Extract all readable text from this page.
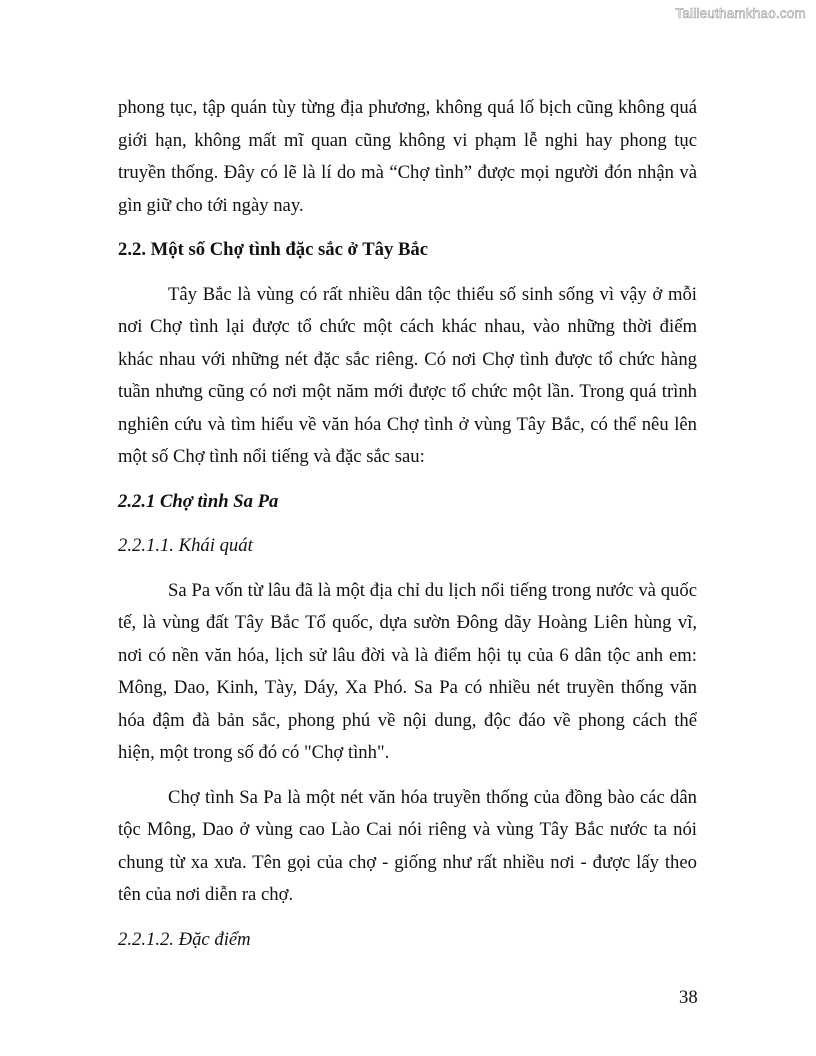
Tailieuthamkhao.com
phong tục, tập quán tùy từng địa phương, không quá lố bịch cũng không quá
giới hạn, không mất mĩ quan cũng không vi phạm lễ nghi hay phong tục
truyền thống. Đây có lẽ là lí do mà “Chợ tình” được mọi người đón nhận và
gìn giữ cho tới ngày nay.
2.2. Một số Chợ tình đặc sắc ở Tây Bắc
Tây Bắc là vùng có rất nhiều dân tộc thiểu số sinh sống vì vậy ở mỗi
nơi Chợ tình lại được tổ chức một cách khác nhau, vào những thời điểm
khác nhau với những nét đặc sắc riêng. Có nơi Chợ tình được tổ chức hàng
tuần nhưng cũng có nơi một năm mới được tổ chức một lần. Trong quá trình
nghiên cứu và tìm hiểu về văn hóa Chợ tình ở vùng Tây Bắc, có thể nêu lên
một số Chợ tình nổi tiếng và đặc sắc sau:
2.2.1 Chợ tình Sa Pa
2.2.1.1. Khái quát
Sa Pa vốn từ lâu đã là một địa chỉ du lịch nổi tiếng trong nước và quốc
tế, là vùng đất Tây Bắc Tổ quốc, dựa sườn Đông dãy Hoàng Liên hùng vĩ,
nơi có nền văn hóa, lịch sử lâu đời và là điểm hội tụ của 6 dân tộc anh em:
Mông, Dao, Kinh, Tày, Dáy, Xa Phó. Sa Pa có nhiều nét truyền thống văn
hóa đậm đà bản sắc, phong phú về nội dung, độc đáo về phong cách thể
hiện, một trong số đó có "Chợ tình".
Chợ tình Sa Pa là một nét văn hóa truyền thống của đồng bào các dân
tộc Mông, Dao ở vùng cao Lào Cai nói riêng và vùng Tây Bắc nước ta nói
chung từ xa xưa. Tên gọi của chợ - giống như rất nhiều nơi - được lấy theo
tên của nơi diễn ra chợ.
2.2.1.2. Đặc điểm
38
